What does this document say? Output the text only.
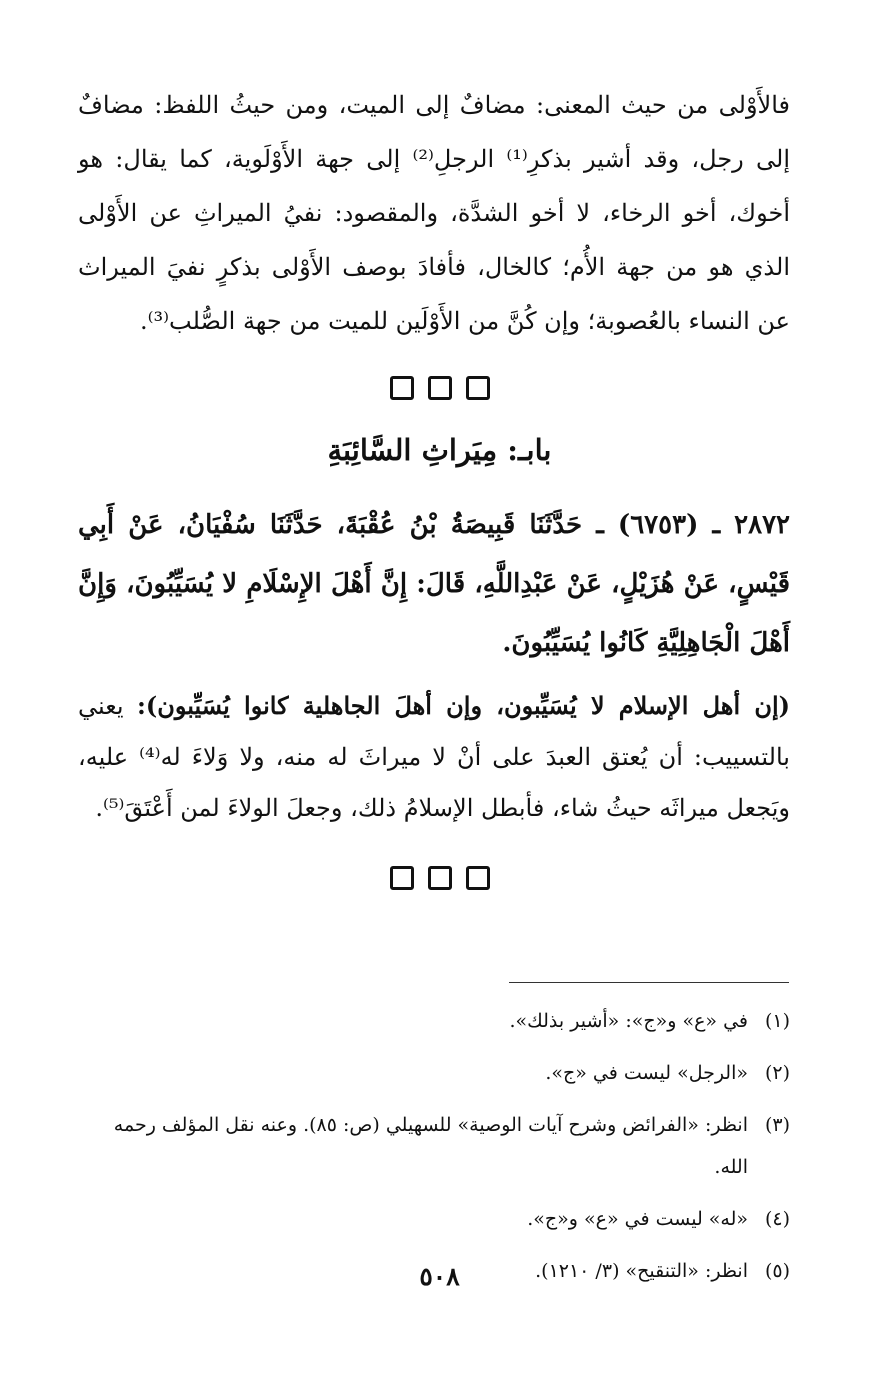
فالأَوْلى من حيث المعنى: مضافٌ إلى الميت، ومن حيثُ اللفظ: مضافٌ إلى رجل، وقد أشير بذكرِ⁽¹⁾ الرجلِ⁽²⁾ إلى جهة الأَوْلَوية، كما يقال: هو أخوك، أخو الرخاء، لا أخو الشدَّة، والمقصود: نفيُ الميراثِ عن الأَوْلى الذي هو من جهة الأُم؛ كالخال، فأفادَ بوصف الأَوْلى بذكرٍ نفيَ الميراث عن النساء بالعُصوبة؛ وإن كُنَّ من الأَوْلَين للميت من جهة الصُّلب⁽³⁾.

بابـ: مِيَراثِ السَّائِبَةِ

٢٨٧٢ ـ (٦٧٥٣) ـ حَدَّثَنَا قَبِيصَةُ بْنُ عُقْبَةَ، حَدَّثَنَا سُفْيَانُ، عَنْ أَبِي قَيْسٍ، عَنْ هُزَيْلٍ، عَنْ عَبْدِاللَّهِ، قَالَ: إِنَّ أَهْلَ الإِسْلَامِ لا يُسَيِّبُونَ، وَإِنَّ أَهْلَ الْجَاهِلِيَّةِ كَانُوا يُسَيِّبُونَ.

(إن أهل الإسلام لا يُسَيِّبون، وإن أهلَ الجاهلية كانوا يُسَيِّبون): يعني بالتسييب: أن يُعتق العبدَ على أنْ لا ميراثَ له منه، ولا وَلاءَ له⁽⁴⁾ عليه، ويَجعل ميراثَه حيثُ شاء، فأبطل الإسلامُ ذلك، وجعلَ الولاءَ لمن أَعْتَقَ⁽⁵⁾.

(١)
في «ع» و«ج»: «أشير بذلك».
(٢)
«الرجل» ليست في «ج».
(٣)
انظر: «الفرائض وشرح آيات الوصية» للسهيلي (ص: ٨٥). وعنه نقل المؤلف رحمه الله.
(٤)
«له» ليست في «ع» و«ج».
(٥)
انظر: «التنقيح» (٣/ ١٢١٠).
٥٠٨
